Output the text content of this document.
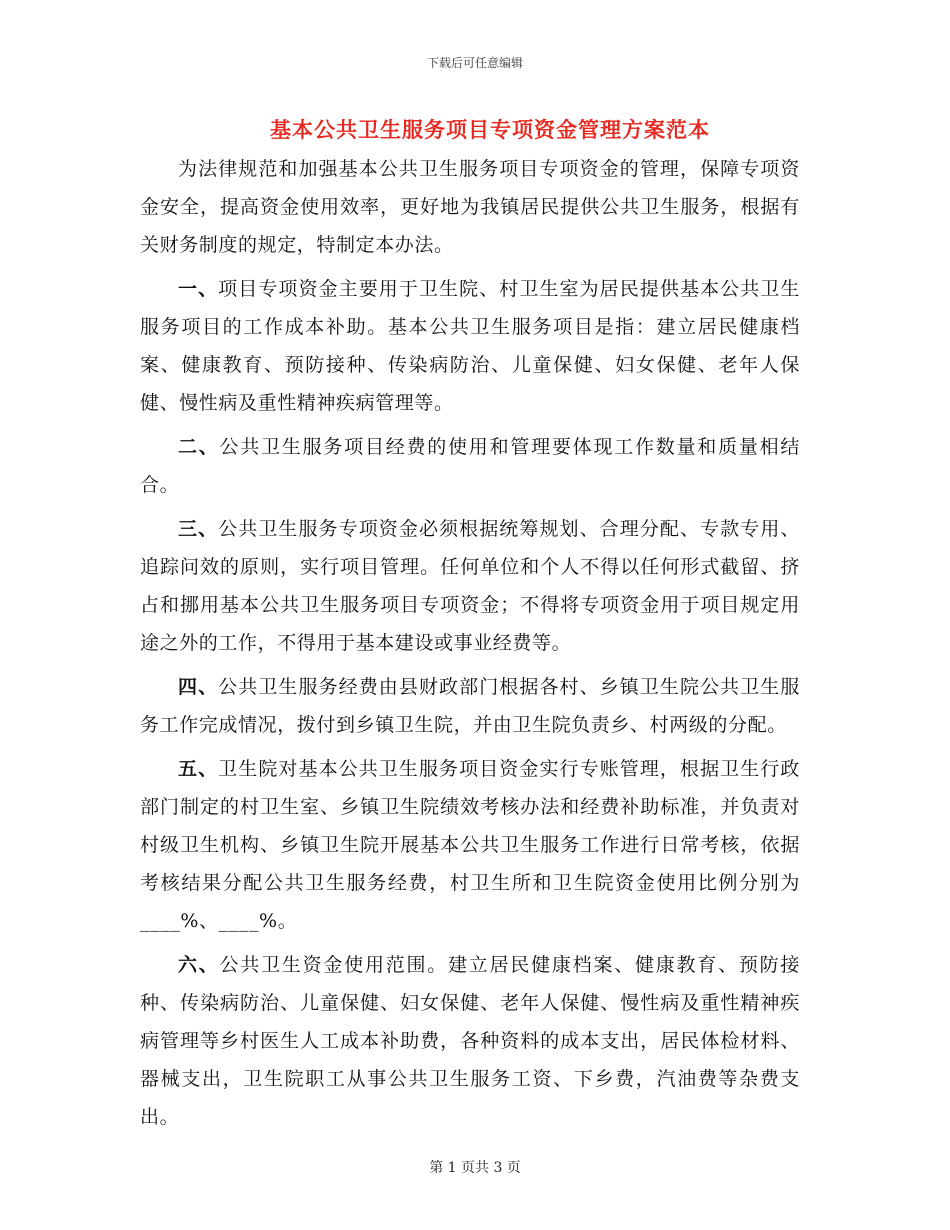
下载后可任意编辑
基本公共卫生服务项目专项资金管理方案范本

为法律规范和加强基本公共卫生服务项目专项资金的管理，保障专项资金安全，提高资金使用效率，更好地为我镇居民提供公共卫生服务，根据有关财务制度的规定，特制定本办法。

一、项目专项资金主要用于卫生院、村卫生室为居民提供基本公共卫生服务项目的工作成本补助。基本公共卫生服务项目是指：建立居民健康档案、健康教育、预防接种、传染病防治、儿童保健、妇女保健、老年人保健、慢性病及重性精神疾病管理等。

二、公共卫生服务项目经费的使用和管理要体现工作数量和质量相结合。

三、公共卫生服务专项资金必须根据统筹规划、合理分配、专款专用、追踪问效的原则，实行项目管理。任何单位和个人不得以任何形式截留、挤占和挪用基本公共卫生服务项目专项资金；不得将专项资金用于项目规定用途之外的工作，不得用于基本建设或事业经费等。

四、公共卫生服务经费由县财政部门根据各村、乡镇卫生院公共卫生服务工作完成情况，拨付到乡镇卫生院，并由卫生院负责乡、村两级的分配。

五、卫生院对基本公共卫生服务项目资金实行专账管理，根据卫生行政部门制定的村卫生室、乡镇卫生院绩效考核办法和经费补助标准，并负责对村级卫生机构、乡镇卫生院开展基本公共卫生服务工作进行日常考核，依据考核结果分配公共卫生服务经费，村卫生所和卫生院资金使用比例分别为____%、____%。

六、公共卫生资金使用范围。建立居民健康档案、健康教育、预防接种、传染病防治、儿童保健、妇女保健、老年人保健、慢性病及重性精神疾病管理等乡村医生人工成本补助费，各种资料的成本支出，居民体检材料、器械支出，卫生院职工从事公共卫生服务工资、下乡费，汽油费等杂费支出。

第 1 页共 3 页
